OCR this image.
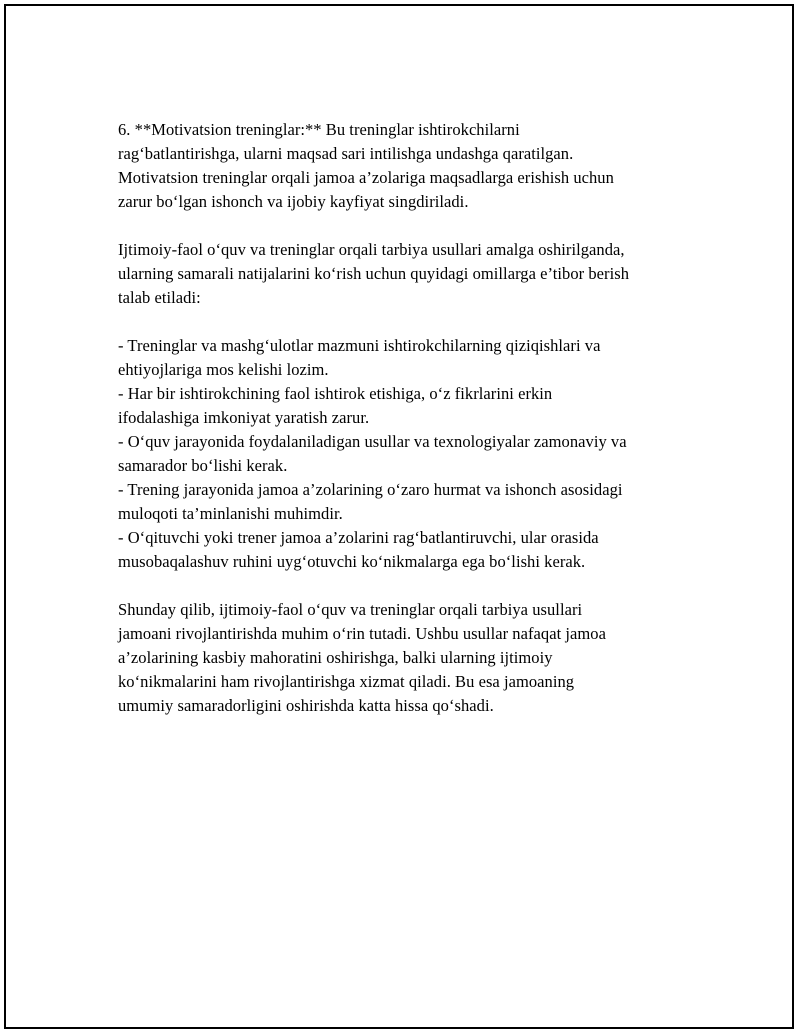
6. **Motivatsion treninglar:** Bu treninglar ishtirokchilarni
rag‘batlantirishga, ularni maqsad sari intilishga undashga qaratilgan.
Motivatsion treninglar orqali jamoa a’zolariga maqsadlarga erishish uchun
zarur bo‘lgan ishonch va ijobiy kayfiyat singdiriladi.
Ijtimoiy-faol o‘quv va treninglar orqali tarbiya usullari amalga oshirilganda,
ularning samarali natijalarini ko‘rish uchun quyidagi omillarga e’tibor berish
talab etiladi:
- Treninglar va mashg‘ulotlar mazmuni ishtirokchilarning qiziqishlari va
ehtiyojlariga mos kelishi lozim.
- Har bir ishtirokchining faol ishtirok etishiga, o‘z fikrlarini erkin
ifodalashiga imkoniyat yaratish zarur.
- O‘quv jarayonida foydalaniladigan usullar va texnologiyalar zamonaviy va
samarador bo‘lishi kerak.
- Trening jarayonida jamoa a’zolarining o‘zaro hurmat va ishonch asosidagi
muloqoti ta’minlanishi muhimdir.
- O‘qituvchi yoki trener jamoa a’zolarini rag‘batlantiruvchi, ular orasida
musobaqalashuv ruhini uyg‘otuvchi ko‘nikmalarga ega bo‘lishi kerak.
Shunday qilib, ijtimoiy-faol o‘quv va treninglar orqali tarbiya usullari
jamoani rivojlantirishda muhim o‘rin tutadi. Ushbu usullar nafaqat jamoa
a’zolarining kasbiy mahoratini oshirishga, balki ularning ijtimoiy
ko‘nikmalarini ham rivojlantirishga xizmat qiladi. Bu esa jamoaning
umumiy samaradorligini oshirishda katta hissa qo‘shadi.
